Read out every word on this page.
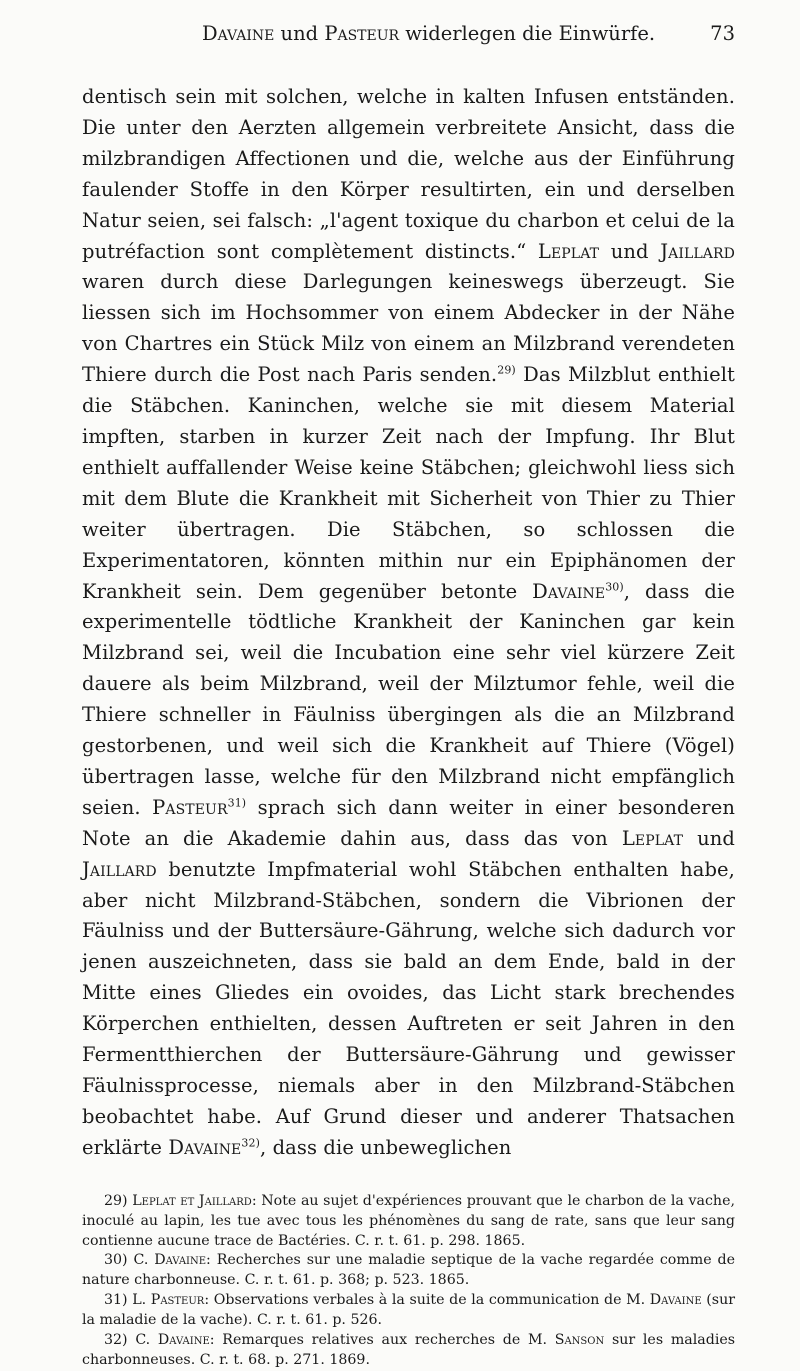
Davaine und Pasteur widerlegen die Einwürfe.	73

dentisch sein mit solchen, welche in kalten Infusen entständen. Die unter den Aerzten allgemein verbreitete Ansicht, dass die milzbrandigen Affectionen und die, welche aus der Einführung faulender Stoffe in den Körper resultirten, ein und derselben Natur seien, sei falsch: „l'agent toxique du charbon et celui de la putréfaction sont complètement distincts.“ Leplat und Jaillard waren durch diese Darlegungen keineswegs überzeugt. Sie liessen sich im Hochsommer von einem Abdecker in der Nähe von Chartres ein Stück Milz von einem an Milzbrand verendeten Thiere durch die Post nach Paris senden.$^{29)}$ Das Milzblut enthielt die Stäbchen. Kaninchen, welche sie mit diesem Material impften, starben in kurzer Zeit nach der Impfung. Ihr Blut enthielt auffallender Weise keine Stäbchen; gleichwohl liess sich mit dem Blute die Krankheit mit Sicherheit von Thier zu Thier weiter übertragen. Die Stäbchen, so schlossen die Experimentatoren, könnten mithin nur ein Epiphänomen der Krankheit sein. Dem gegenüber betonte Davaine$^{30)}$, dass die experimentelle tödtliche Krankheit der Kaninchen gar kein Milzbrand sei, weil die Incubation eine sehr viel kürzere Zeit dauere als beim Milzbrand, weil der Milztumor fehle, weil die Thiere schneller in Fäulniss übergingen als die an Milzbrand gestorbenen, und weil sich die Krankheit auf Thiere (Vögel) übertragen lasse, welche für den Milzbrand nicht empfänglich seien. Pasteur$^{31)}$ sprach sich dann weiter in einer besonderen Note an die Akademie dahin aus, dass das von Leplat und Jaillard benutzte Impfmaterial wohl Stäbchen enthalten habe, aber nicht Milzbrand-Stäbchen, sondern die Vibrionen der Fäulniss und der Buttersäure-Gährung, welche sich dadurch vor jenen auszeichneten, dass sie bald an dem Ende, bald in der Mitte eines Gliedes ein ovoides, das Licht stark brechendes Körperchen enthielten, dessen Auftreten er seit Jahren in den Fermentthierchen der Buttersäure-Gährung und gewisser Fäulnissprocesse, niemals aber in den Milzbrand-Stäbchen beobachtet habe. Auf Grund dieser und anderer Thatsachen erklärte Davaine$^{32)}$, dass die unbeweglichen

29) Leplat et Jaillard: Note au sujet d'expériences prouvant que le charbon de la vache, inoculé au lapin, les tue avec tous les phénomènes du sang de rate, sans que leur sang contienne aucune trace de Bactéries. C. r. t. 61. p. 298. 1865.

30) C. Davaine: Recherches sur une maladie septique de la vache regardée comme de nature charbonneuse. C. r. t. 61. p. 368; p. 523. 1865.

31) L. Pasteur: Observations verbales à la suite de la communication de M. Davaine (sur la maladie de la vache). C. r. t. 61. p. 526.

32) C. Davaine: Remarques relatives aux recherches de M. Sanson sur les maladies charbonneuses. C. r. t. 68. p. 271. 1869.
